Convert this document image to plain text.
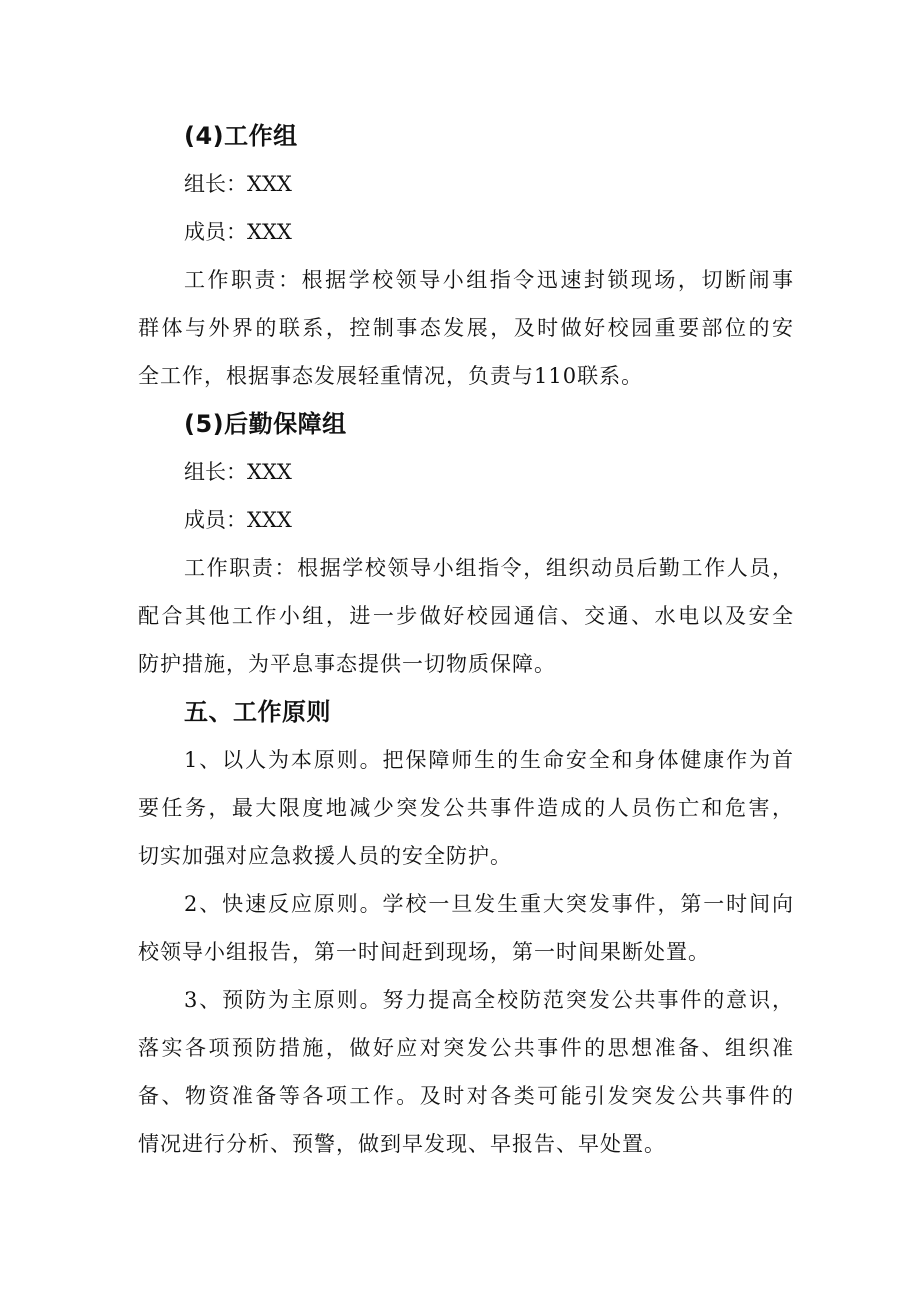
(4)工作组
组长：XXX
成员：XXX
工作职责：根据学校领导小组指令迅速封锁现场，切断闹事
群体与外界的联系，控制事态发展，及时做好校园重要部位的安
全工作，根据事态发展轻重情况，负责与110联系。
(5)后勤保障组
组长：XXX
成员：XXX
工作职责：根据学校领导小组指令，组织动员后勤工作人员，
配合其他工作小组，进一步做好校园通信、交通、水电以及安全
防护措施，为平息事态提供一切物质保障。
五、工作原则
1、以人为本原则。把保障师生的生命安全和身体健康作为首
要任务，最大限度地减少突发公共事件造成的人员伤亡和危害，
切实加强对应急救援人员的安全防护。
2、快速反应原则。学校一旦发生重大突发事件，第一时间向
校领导小组报告，第一时间赶到现场，第一时间果断处置。
3、预防为主原则。努力提高全校防范突发公共事件的意识，
落实各项预防措施，做好应对突发公共事件的思想准备、组织准
备、物资准备等各项工作。及时对各类可能引发突发公共事件的
情况进行分析、预警，做到早发现、早报告、早处置。
